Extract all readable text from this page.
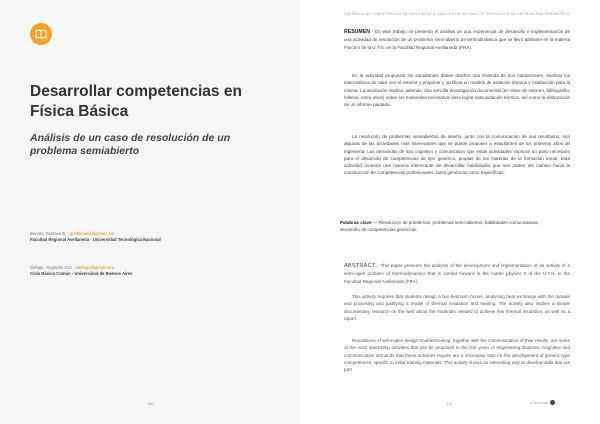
Desarrollar competencias en Física Básica
Análisis de un caso de resolución de un problema semiabierto
Bender, Gustavo E. - gustbender@gmail.com
Facultad Regional Avellaneda - Universidad Tecnológica Nacional
Defago, Alejandra Eva - adefago@gmail.com
Ciclo Básico Común - Universidad de Buenos Aires
180
DESARROLLAR COMPETENCIAS EN FÍSICA BÁSICA. ANÁLISIS DE UN CASO DE RESOLUCIÓN DE UN PROBLEMA SEMIABIERTO

RESUMEN - En este trabajo se presenta el análisis de una experiencia de desarrollo e implementación de una actividad de resolución de un problema semi-abierto de termodinámica que se llevó adelante en la materia Física II de la U.T.N. en la Facultad Regional Avellaneda (FRA).

En la actividad propuesta los estudiantes deben diseñar una vivienda de dos habitaciones, analizar los intercambios de calor con el exterior y proponer y justificar un modelo de aislación térmica y calefacción para la misma. La resolución implica, además, una sencilla investigación documental (en sitios de Internet, bibliografía, folletos, entre otros) sobre los materiales necesarios para lograr esta aislación térmica, así como la elaboración de un informe pautado.

La resolución de problemas semiabiertos de diseño, junto con la comunicación de sus resultados, son algunas de las actividades más interesantes que se puede proponer a estudiantes de los primeros años de Ingeniería. Las demandas de tipo cognitivo y comunicativo que estas actividades implican un paso necesario para el desarrollo de competencias de tipo genérico, propias de las materias de la formación inicial. Esta actividad muestra una manera interesante de desarrollar habilidades que son partes del camino hacia la construcción de competencias profesionales, tanto genéricas como específicas.

Palabras clave — Resolución de problemas, problemas semi-abiertos, habilidades comunicativas, desarrollo de competencias genéricas

ABSTRACT - This paper presents the analysis of the development and implementation of an activity of a semi-open problem of thermodynamics that is carried forward in the matter physics II of the U.T.N. in the Facultad Regional Avellaneda (FRA).

This activity requires that students design a two-bedroom house, analysing heat exchange with the outside and proposing and justifying a model of thermal insulation and heating. The activity also implies a simple documentary research on the web about the materials needed to achieve this thermal insulation, as well as a report.

Resolutions of semi-open design troubleshooting, together with the communication of their results, are some of the most interesting activities that can be proposed to the first years of engineering students. Cognitive and communicative demands that these activities require are a necessary step for the development of generic type competences, specific to initial training materials. This activity shows an interesting way to develop skills that are part

211	e-ciencias
